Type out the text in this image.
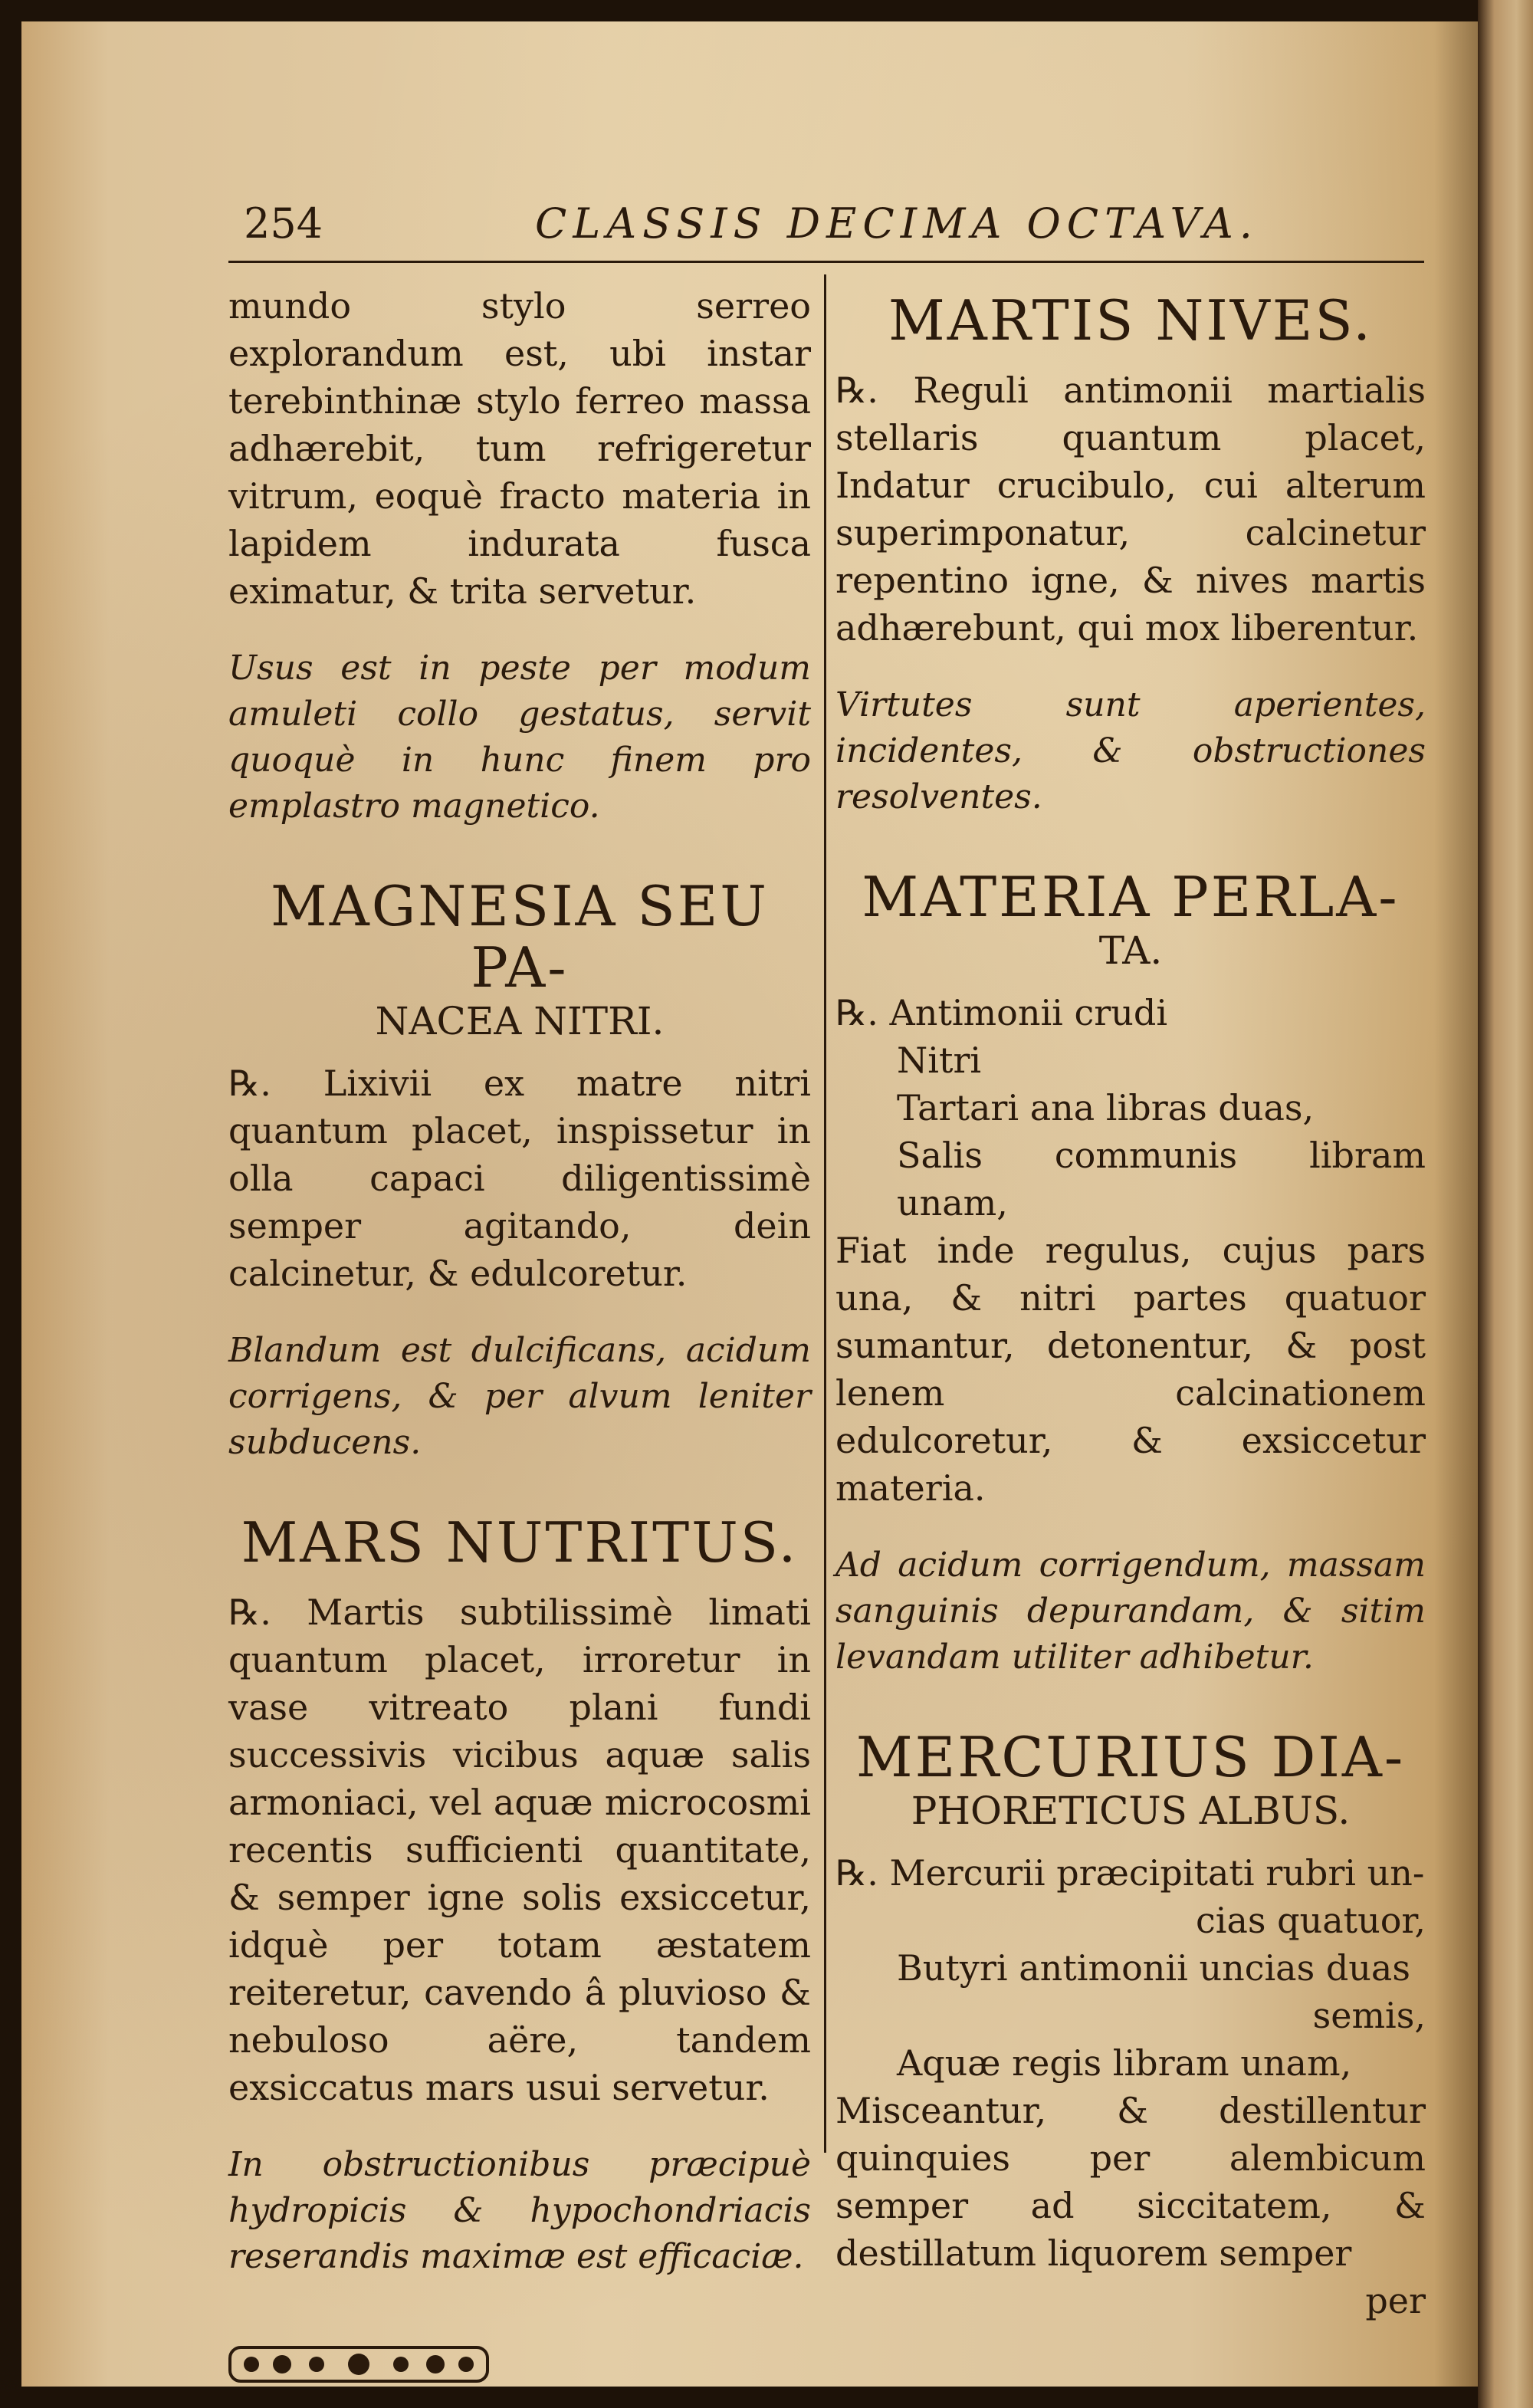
254	CLASSIS DECIMA OCTAVA.
mundo stylo serreo explorandum est, ubi instar terebinthinæ stylo ferreo massa adhærebit, tum refrigeretur vitrum, eoquè fracto materia in lapidem indurata fusca eximatur, & trita servetur.
Usus est in peste per modum amuleti collo gestatus, servit quoquè in hunc finem pro emplastro magnetico.
MAGNESIA SEU PA-
NACEA NITRI.
℞. Lixivii ex matre nitri quantum placet, inspissetur in olla capaci diligentissimè semper agitando, dein calcinetur, & edulcoretur.
Blandum est dulcificans, acidum corrigens, & per alvum leniter subducens.
MARS NUTRITUS.
℞. Martis subtilissimè limati quantum placet, irroretur in vase vitreato plani fundi successivis vicibus aquæ salis armoniaci, vel aquæ microcosmi recentis sufficienti quantitate, & semper igne solis exsiccetur, idquè per totam æstatem reiteretur, cavendo â pluvioso & nebuloso aëre, tandem exsiccatus mars usui servetur.
In obstructionibus præcipuè hydropicis & hypochondriacis reserandis maximæ est efficaciæ.
MARTIS NIVES.
℞. Reguli antimonii martialis stellaris quantum placet, Indatur crucibulo, cui alterum superimponatur, calcinetur repentino igne, & nives martis adhærebunt, qui mox liberentur.
Virtutes sunt aperientes, incidentes, & obstructiones resolventes.
MATERIA PERLA-
TA.
℞. Antimonii crudi
Nitri
Tartari ana libras duas,
Salis communis libram unam,
Fiat inde regulus, cujus pars una, & nitri partes quatuor sumantur, detonentur, & post lenem calcinationem edulcoretur, & exsiccetur materia.
Ad acidum corrigendum, massam sanguinis depurandam, & sitim levandam utiliter adhibetur.
MERCURIUS DIA-
PHORETICUS ALBUS.
℞. Mercurii præcipitati rubri un-
cias quatuor,
Butyri antimonii uncias duas
semis,
Aquæ regis libram unam,
Misceantur, & destillentur quinquies per alembicum semper ad siccitatem, & destillatum liquorem semper
per
